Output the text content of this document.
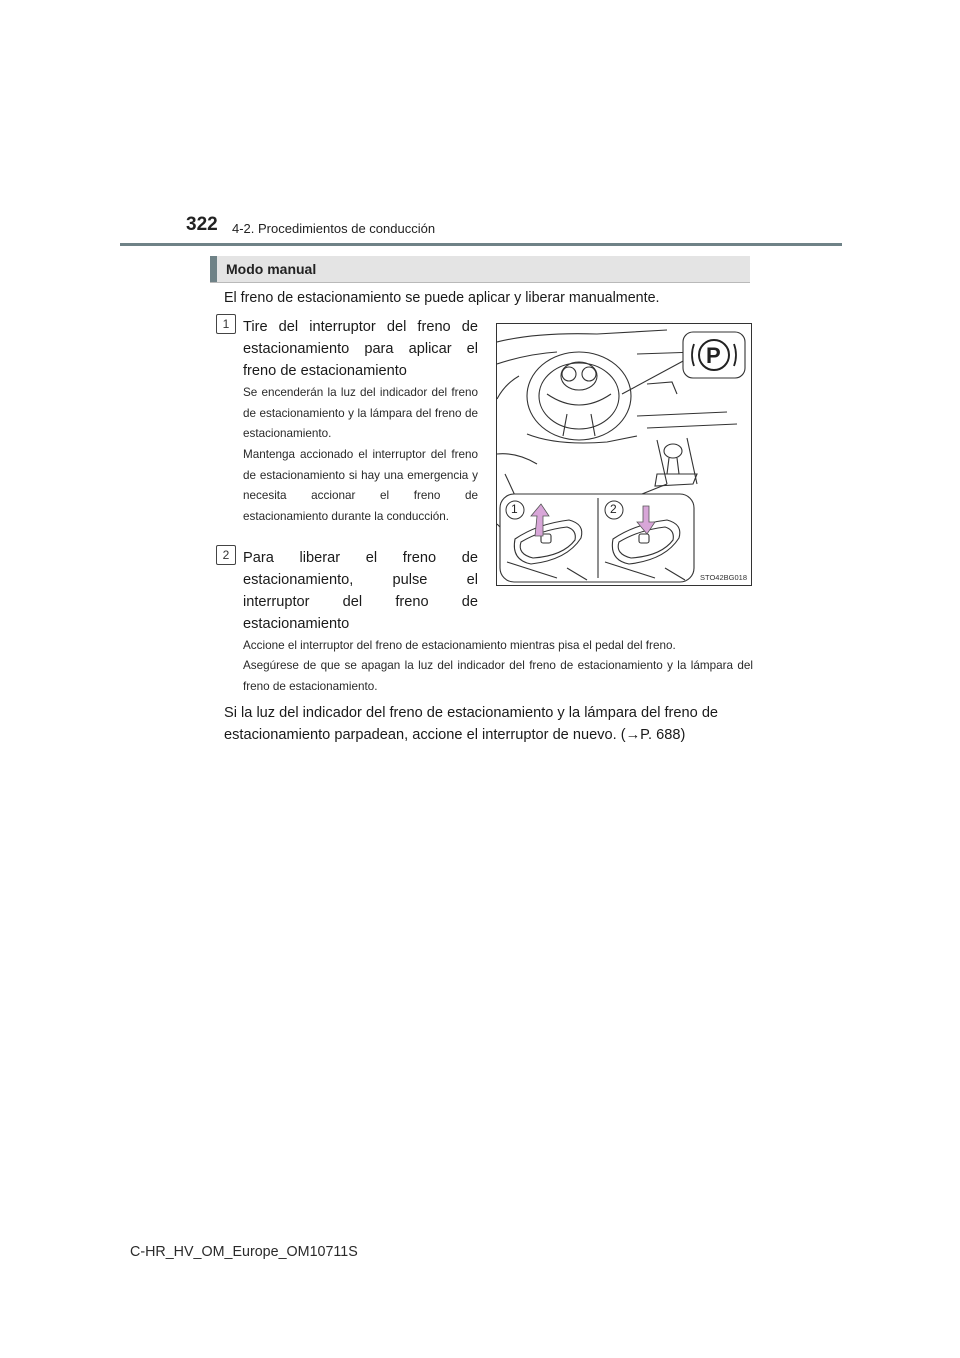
322 4-2. Procedimientos de conducción
Modo manual
El freno de estacionamiento se puede aplicar y liberar manualmente.
1 Tire del interruptor del freno de estacionamiento para aplicar el freno de estacionamiento
Se encenderán la luz del indicador del freno de estacionamiento y la lámpara del freno de estacionamiento.
Mantenga accionado el interruptor del freno de estacionamiento si hay una emergencia y necesita accionar el freno de estacionamiento durante la conducción.
2 Para liberar el freno de estacionamiento, pulse el interruptor del freno de estacionamiento
Accione el interruptor del freno de estacionamiento mientras pisa el pedal del freno.
Asegúrese de que se apagan la luz del indicador del freno de estacionamiento y la lámpara del freno de estacionamiento.
P
1	2
STO42BG018
Si la luz del indicador del freno de estacionamiento y la lámpara del freno de estacionamiento parpadean, accione el interruptor de nuevo. (→P. 688)
C-HR_HV_OM_Europe_OM10711S
